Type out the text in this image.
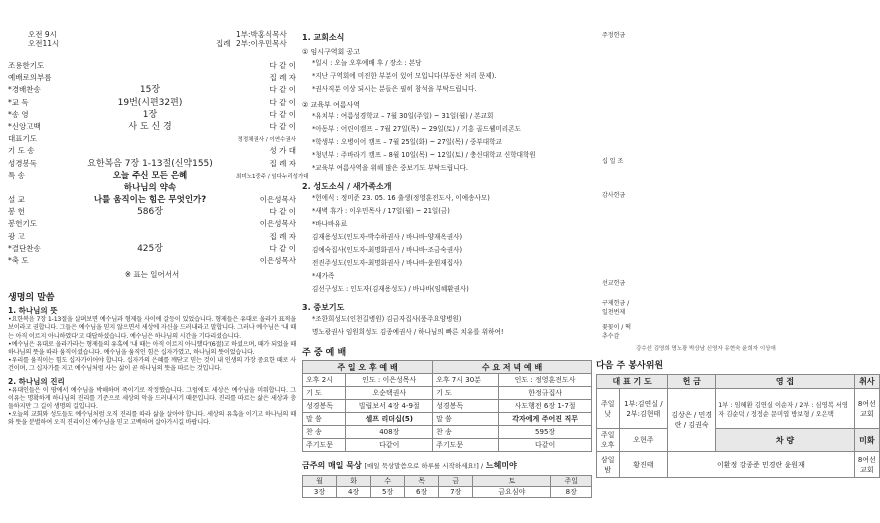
오전 9시
오전11시	집례
1부:박홍식목사
2부:이우민목사
조용한기도	다 같 이
예배로의부름	집 례 자
*경배찬송	15장	다 같 이
*교 독	19번(시편32편)	다 같 이
*송 영	1장	다 같 이
*신앙고백	사 도 신 경	다 같 이
대표기도	정정채권사 / 이연수권사
기 도 송	성 가 대
성경봉독	요한복음 7장 1-13절(신약155)	집 례 자
특 송	오늘 주신 모든 은혜	최미노1중주 / 임다누리성가대
하나님의 약속
설 교	나를 움직이는 힘은 무엇인가?	이은성목사
봉 헌	586장	다 같 이
봉헌기도	이은성목사
광 고	집 례 자
*결단찬송	425장	다 같 이
*축 도	이은성목사
※ 표는 일어서서
생명의 말씀
1. 하나님의 뜻
•요한복음 7장 1-13절을 살펴보면 예수님과 형제들 사이에 갈등이 있었습니다. 형제들은 유대로 올라가 표적을 보이라고 권합니다. 그들은 예수님을 믿지 않으면서 세상에 자신을 드러내라고 말합니다. 그러나 예수님은 '내 때는 아직 이르지 아니하였다'고 대답하셨습니다. 예수님은 하나님의 시간을 기다리셨습니다.
•예수님은 유대로 올라가라는 형제들의 유혹에 '내 때는 아직 이르지 아니했다'(6절)고 하셨으며, 때가 되었을 때 하나님의 뜻을 따라 움직이셨습니다. 예수님을 움직인 힘은 십자가였고, 하나님의 뜻이었습니다.
•우리를 움직이는 힘도 십자가이어야 합니다. 십자가의 은혜를 깨닫고 믿는 것이 내 인생의 가장 중요한 때로 사건이며, 그 십자가를 지고 예수님처럼 사는 삶이 곧 하나님의 뜻을 따르는 것입니다.
2. 하나님의 진리
•유대인들은 이 땅에서 예수님을 박해하며 죽이기로 작정했습니다. 그럼에도 세상은 예수님을 미워합니다. 그 이유는 명확하게 하나님의 진리를 기준으로 세상의 악을 드러내시기 때문입니다. 진리를 따르는 삶은 세상과 충돌하지만 그 길이 생명의 길입니다.
•오늘의 교회와 성도들도 예수님처럼 오직 진리를 따라 삶을 살아야 합니다. 세상의 유혹을 이기고 하나님의 때와 뜻을 분별하여 오직 진리이신 예수님을 믿고 고백하며 살아가시길 바랍니다.
1. 교회소식
① 임시구역회 공고
*일시 : 오늘 오후예배 후 / 장소 : 본당
*지난 구역회에 미진한 부분이 있어 모입니다(부동산 처리 문제).
*권사직분 이상 되시는 분들은 필히 참석을 부탁드립니다.
② 교육부 여름사역
*유치부 : 여름성경학교 – 7월 30일(주일) ~ 31일(월) / 본교회
*아동부 : 어린이캠프 – 7월 27일(목) ~ 29일(토) / 기흥 골드웰미리콘도
*학생부 : 오병이어 캠프 – 7월 25일(화) ~ 27일(목) / 중부대학교
*청년부 : 주바라기 캠프 – 8월 10일(목) ~ 12일(토) / 충신대학교 신학대학원
*교육부 여름사역을 위해 많은 중보기도 부탁드립니다.
2. 성도소식 / 새가족소개
*헌에식 : 정미준 23. 05. 16 출생(정영훈전도사, 이예송사모)
*새벽 휴가 : 이우민목사 / 17일(월) ~ 21일(금)
*바나바유료
김재용성도(인도자-박수하권사 / 바나바-양재옥권사)
김예숙집사(인도자-최명화권사 / 바나바-조금숙권사)
전진주성도(인도자-최명화권사 / 바나바-윤원재집사)
*새가족
김선구성도 : 인도자(김재용성도) / 바나바(임혜환권사)
3. 중보기도
*조한희성도(인천길병원) 김금자집사(풍주요양병원)
명노광권사 임원희성도 김종예권사 / 하나님의 빠른 치유를 위하여!
주 중 예 배
주 일 오 후 예 배		수 요 저 녁 예 배	
오후 2시	인도 : 이은성목사	오후 7시 30분	인도 : 정영훈전도사
기 도	오순택권사	기 도	한정규집사
성경봉독	빌립보서 4장 4-9절	성경봉독	사도행전 6장 1-7절
말 씀	셀프 리더십(5)	말 씀	각자에게 주어진 직무
찬 송	408장	찬 송	595장
주기도문	다같이	주기도문	다같이
금주의 매일 묵상 [매일 묵상말씀으로 하루를 시작하세요!] / 느헤미야
월	화	수	목	금	토	주일
3장	4장	5장	6장	7장	금요심야	8장
주정헌금
십 일 조
감사헌금
선교헌금
구제헌금 / 일천번제
꽃꽂이 / 떡추수감
강수선 김영희 명노광 박상남 신영자 유현숙 윤희자 이상애
다음 주 봉사위원
대 표 기 도		헌 금	영 접	취사
주일 낮	1부:김연실 / 2부:김현태	김상은 / 민경란 / 김권숙	1부 : 임혜환 김연실 이순자 / 2부 : 심영복 서영자 김순덕 / 정정순 문미엽 방보형 / 오은택	8여선교회
주일오후	오현주		차 량	미화
삼일 밤	황진태	이환정 강종준 민경란 윤원재		8여선교회
